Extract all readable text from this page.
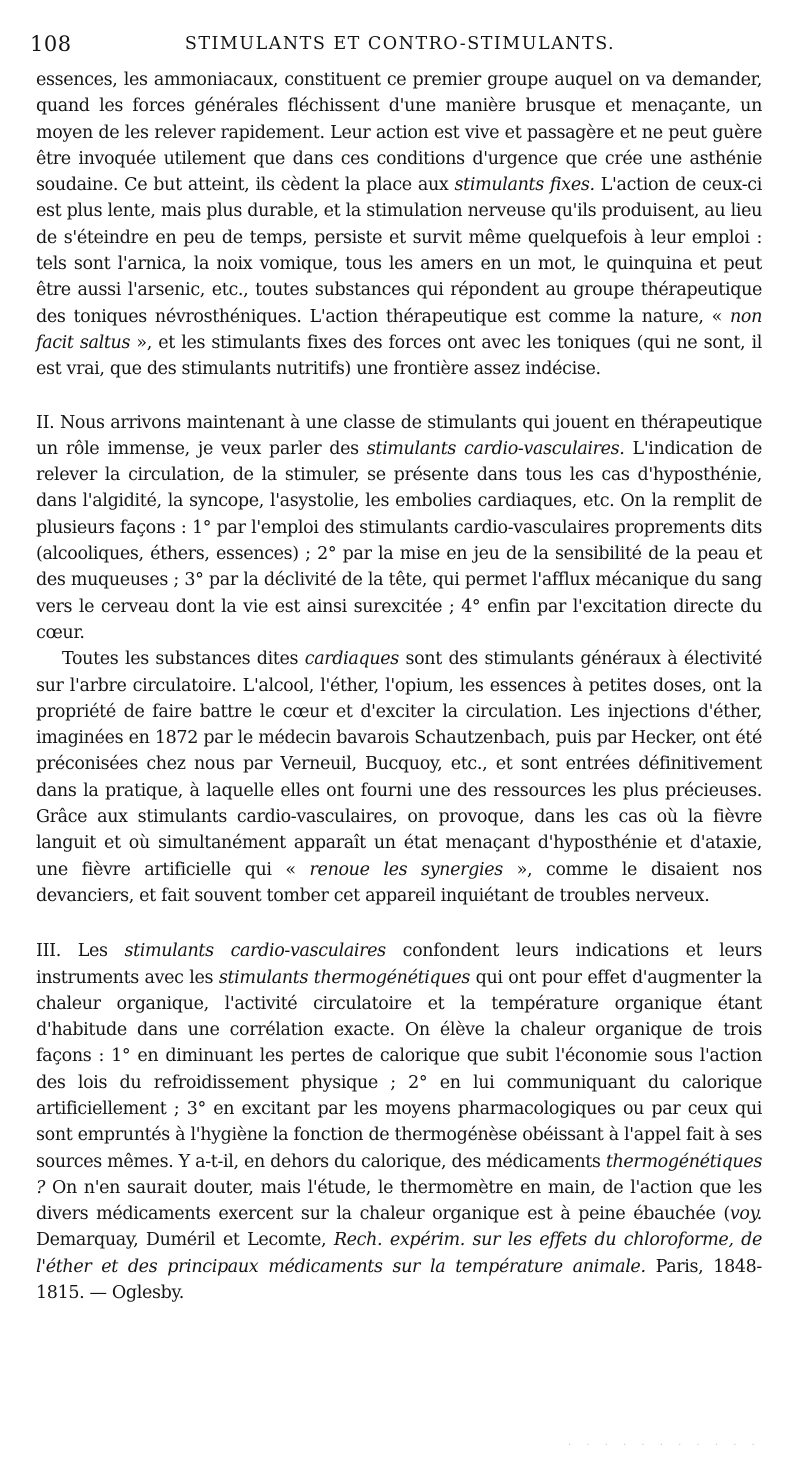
108	STIMULANTS ET CONTRO-STIMULANTS.

essences, les ammoniacaux, constituent ce premier groupe auquel on va demander, quand les forces générales fléchissent d'une manière brusque et menaçante, un moyen de les relever rapidement. Leur action est vive et passagère et ne peut guère être invoquée utilement que dans ces conditions d'urgence que crée une asthénie soudaine. Ce but atteint, ils cèdent la place aux stimulants fixes. L'action de ceux-ci est plus lente, mais plus durable, et la stimulation nerveuse qu'ils produisent, au lieu de s'éteindre en peu de temps, persiste et survit même quelquefois à leur emploi : tels sont l'arnica, la noix vomique, tous les amers en un mot, le quinquina et peut être aussi l'arsenic, etc., toutes substances qui répondent au groupe thérapeutique des toniques névrosthéniques. L'action thérapeutique est comme la nature, « non facit saltus », et les stimulants fixes des forces ont avec les toniques (qui ne sont, il est vrai, que des stimulants nutritifs) une frontière assez indécise.

II. Nous arrivons maintenant à une classe de stimulants qui jouent en thérapeutique un rôle immense, je veux parler des stimulants cardio-vasculaires. L'indication de relever la circulation, de la stimuler, se présente dans tous les cas d'hyposthénie, dans l'algidité, la syncope, l'asystolie, les embolies cardiaques, etc. On la remplit de plusieurs façons : 1° par l'emploi des stimulants cardio-vasculaires proprements dits (alcooliques, éthers, essences) ; 2° par la mise en jeu de la sensibilité de la peau et des muqueuses ; 3° par la déclivité de la tête, qui permet l'afflux mécanique du sang vers le cerveau dont la vie est ainsi surexcitée ; 4° enfin par l'excitation directe du cœur.

Toutes les substances dites cardiaques sont des stimulants généraux à électivité sur l'arbre circulatoire. L'alcool, l'éther, l'opium, les essences à petites doses, ont la propriété de faire battre le cœur et d'exciter la circulation. Les injections d'éther, imaginées en 1872 par le médecin bavarois Schautzenbach, puis par Hecker, ont été préconisées chez nous par Verneuil, Bucquoy, etc., et sont entrées définitivement dans la pratique, à laquelle elles ont fourni une des ressources les plus précieuses. Grâce aux stimulants cardio-vasculaires, on provoque, dans les cas où la fièvre languit et où simultanément apparaît un état menaçant d'hyposthénie et d'ataxie, une fièvre artificielle qui « renoue les synergies », comme le disaient nos devanciers, et fait souvent tomber cet appareil inquiétant de troubles nerveux.

III. Les stimulants cardio-vasculaires confondent leurs indications et leurs instruments avec les stimulants thermogénétiques qui ont pour effet d'augmenter la chaleur organique, l'activité circulatoire et la température organique étant d'habitude dans une corrélation exacte. On élève la chaleur organique de trois façons : 1° en diminuant les pertes de calorique que subit l'économie sous l'action des lois du refroidissement physique ; 2° en lui communiquant du calorique artificiellement ; 3° en excitant par les moyens pharmacologiques ou par ceux qui sont empruntés à l'hygiène la fonction de thermogénèse obéissant à l'appel fait à ses sources mêmes. Y a-t-il, en dehors du calorique, des médicaments thermogénétiques ? On n'en saurait douter, mais l'étude, le thermomètre en main, de l'action que les divers médicaments exercent sur la chaleur organique est à peine ébauchée (voy. Demarquay, Duméril et Lecomte, Rech. expérim. sur les effets du chloroforme, de l'éther et des principaux médicaments sur la température animale. Paris, 1848-1815. — Oglesby.

· · · · · · · · · · ·
